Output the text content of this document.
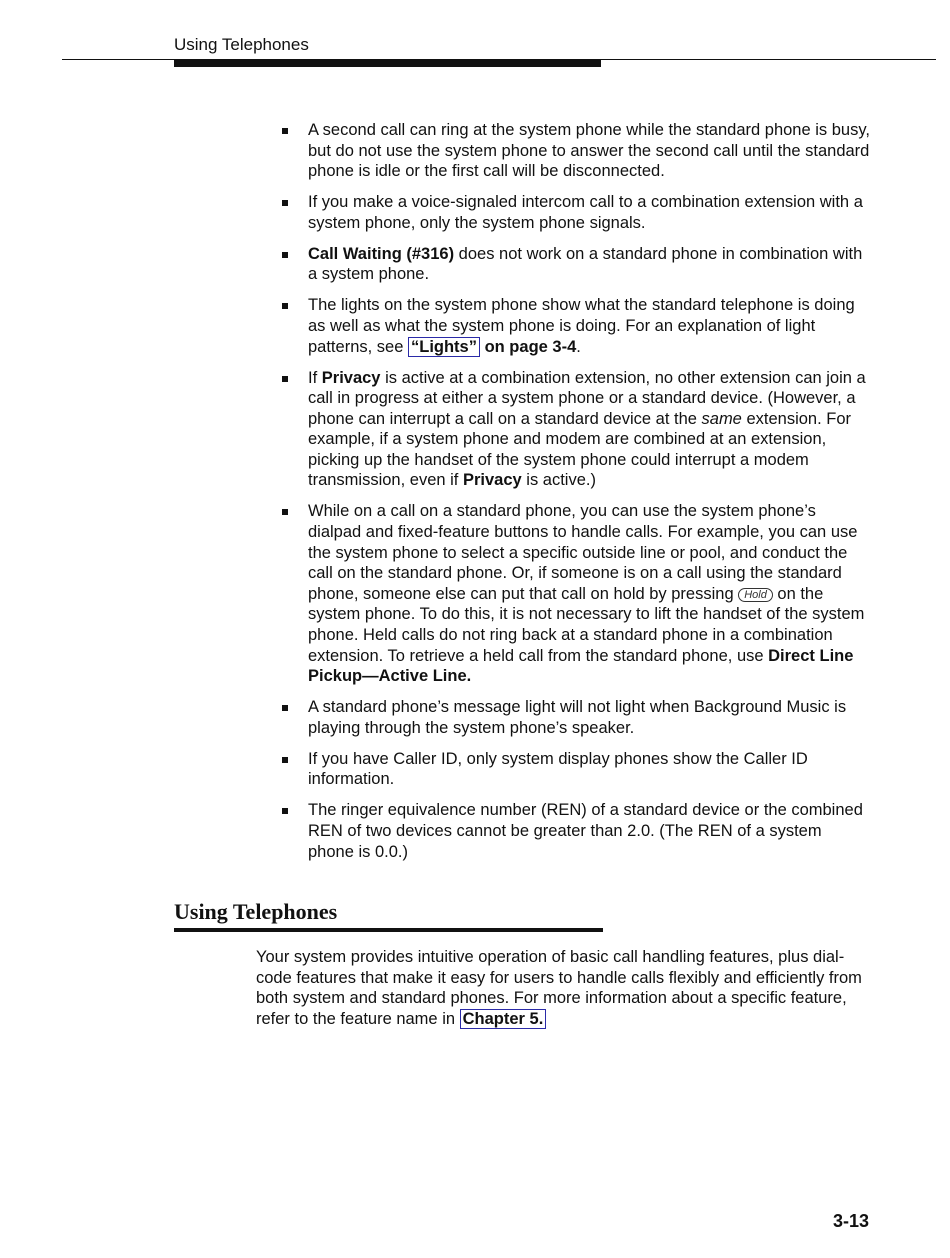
Using Telephones
A second call can ring at the system phone while the standard phone is busy, but do not use the system phone to answer the second call until the standard phone is idle or the first call will be disconnected.
If you make a voice-signaled intercom call to a combination extension with a system phone, only the system phone signals.
Call Waiting (#316) does not work on a standard phone in combination with a system phone.
The lights on the system phone show what the standard telephone is doing as well as what the system phone is doing. For an explanation of light patterns, see “Lights” on page 3-4.
If Privacy is active at a combination extension, no other extension can join a call in progress at either a system phone or a standard device. (However, a phone can interrupt a call on a standard device at the same extension. For example, if a system phone and modem are combined at an extension, picking up the handset of the system phone could interrupt a modem transmission, even if Privacy is active.)
While on a call on a standard phone, you can use the system phone’s dialpad and fixed-feature buttons to handle calls. For example, you can use the system phone to select a specific outside line or pool, and conduct the call on the standard phone. Or, if someone is on a call using the standard phone, someone else can put that call on hold by pressing Hold on the system phone. To do this, it is not necessary to lift the handset of the system phone. Held calls do not ring back at a standard phone in a combination extension. To retrieve a held call from the standard phone, use Direct Line Pickup—Active Line.
A standard phone’s message light will not light when Background Music is playing through the system phone’s speaker.
If you have Caller ID, only system display phones show the Caller ID information.
The ringer equivalence number (REN) of a standard device or the combined REN of two devices cannot be greater than 2.0. (The REN of a system phone is 0.0.)
Using Telephones

Your system provides intuitive operation of basic call handling features, plus dial-code features that make it easy for users to handle calls flexibly and efficiently from both system and standard phones. For more information about a specific feature, refer to the feature name in Chapter 5.

3-13
